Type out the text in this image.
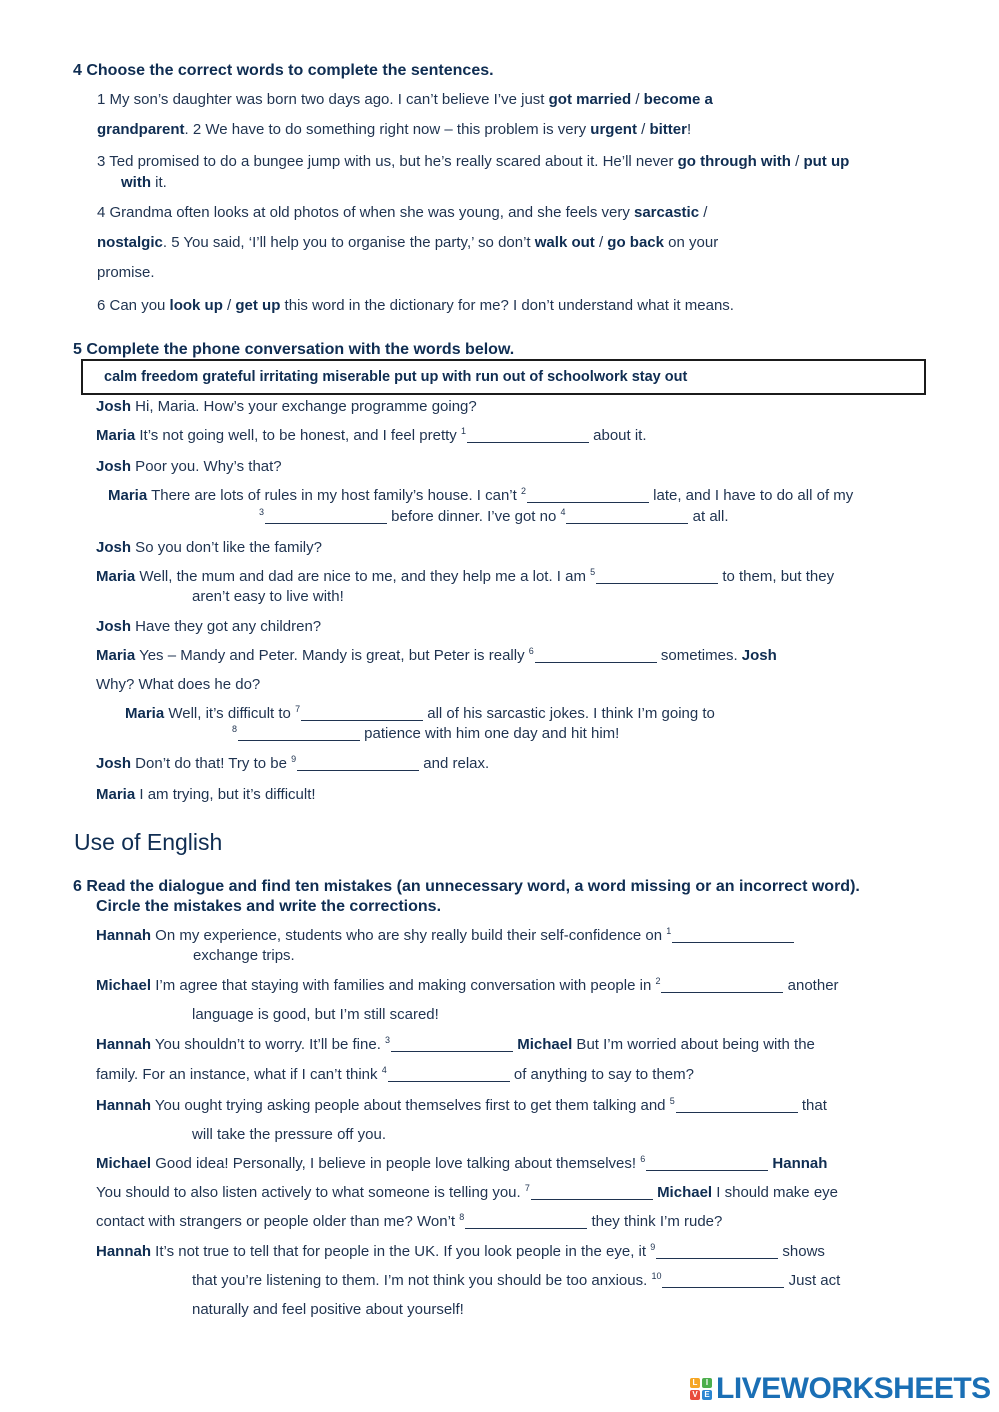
4 Choose the correct words to complete the sentences.
1 My son’s daughter was born two days ago. I can’t believe I’ve just got married / become a
grandparent. 2 We have to do something right now – this problem is very urgent / bitter!
3 Ted promised to do a bungee jump with us, but he’s really scared about it. He’ll never go through with / put up
with it.
4 Grandma often looks at old photos of when she was young, and she feels very sarcastic /
nostalgic. 5 You said, ‘I’ll help you to organise the party,’ so don’t walk out / go back on your
promise.
6 Can you look up / get up this word in the dictionary for me? I don’t understand what it means.
5 Complete the phone conversation with the words below.
calm freedom grateful irritating miserable put up with run out of schoolwork stay out
Josh Hi, Maria. How’s your exchange programme going?
Maria It’s not going well, to be honest, and I feel pretty $^1$	about it.
Josh Poor you. Why’s that?
Maria There are lots of rules in my host family’s house. I can’t $^2$	late, and I have to do all of my
$^3$	before dinner. I’ve got no $^4$	at all.
Josh So you don’t like the family?
Maria Well, the mum and dad are nice to me, and they help me a lot. I am $^5$	to them, but they
aren’t easy to live with!
Josh Have they got any children?
Maria Yes – Mandy and Peter. Mandy is great, but Peter is really $^6$	sometimes. Josh
Why? What does he do?
Maria Well, it’s difficult to $^7$	all of his sarcastic jokes. I think I’m going to
$^8$	patience with him one day and hit him!
Josh Don’t do that! Try to be $^9$	and relax.
Maria I am trying, but it’s difficult!
Use of English
6 Read the dialogue and find ten mistakes (an unnecessary word, a word missing or an incorrect word).
Circle the mistakes and write the corrections.
Hannah On my experience, students who are shy really build their self-confidence on $^1$
exchange trips.
Michael I’m agree that staying with families and making conversation with people in $^2$	another
language is good, but I’m still scared!
Hannah You shouldn’t to worry. It’ll be fine. $^3$	Michael But I’m worried about being with the
family. For an instance, what if I can’t think $^4$	of anything to say to them?
Hannah You ought trying asking people about themselves first to get them talking and $^5$	that
will take the pressure off you.
Michael Good idea! Personally, I believe in people love talking about themselves! $^6$	Hannah
You should to also listen actively to what someone is telling you. $^7$	Michael I should make eye
contact with strangers or people older than me? Won’t $^8$	they think I’m rude?
Hannah It’s not true to tell that for people in the UK. If you look people in the eye, it $^9$	shows
that you’re listening to them. I’m not think you should be too anxious. $^{10}$	Just act
naturally and feel positive about yourself!
L	I
V E LIVEWORKSHEETS
